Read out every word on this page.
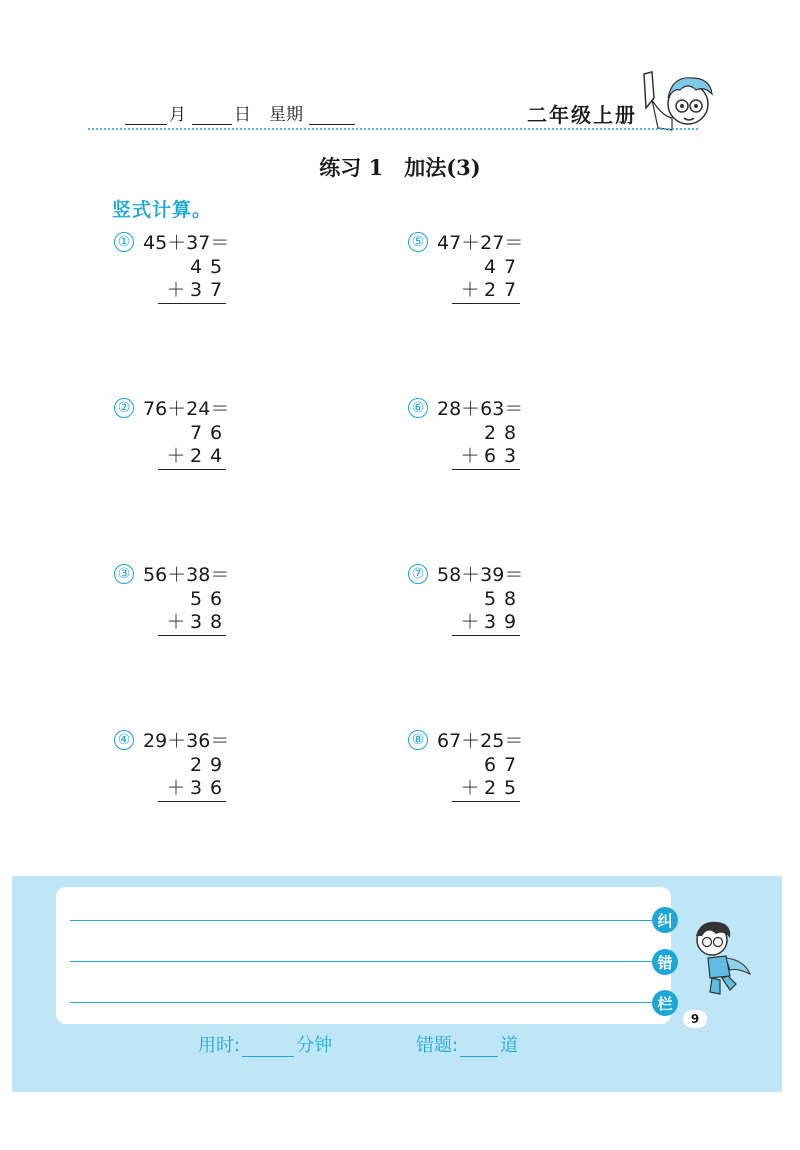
月	日 星期	二年级上册
练习 1　加法(3)
竖式计算。
① 45＋37＝
4 5
＋ 3 7
② 76＋24＝
7 6
＋ 2 4
③ 56＋38＝
5 6
＋ 3 8
④ 29＋36＝
2 9
＋ 3 6
⑤ 47＋27＝
4 7
＋ 2 7
⑥ 28＋63＝
2 8
＋ 6 3
⑦ 58＋39＝
5 8
＋ 3 9
⑧ 67＋25＝
6 7
＋ 2 5
纠
错
栏
9
用时:	分钟	错题: 道
